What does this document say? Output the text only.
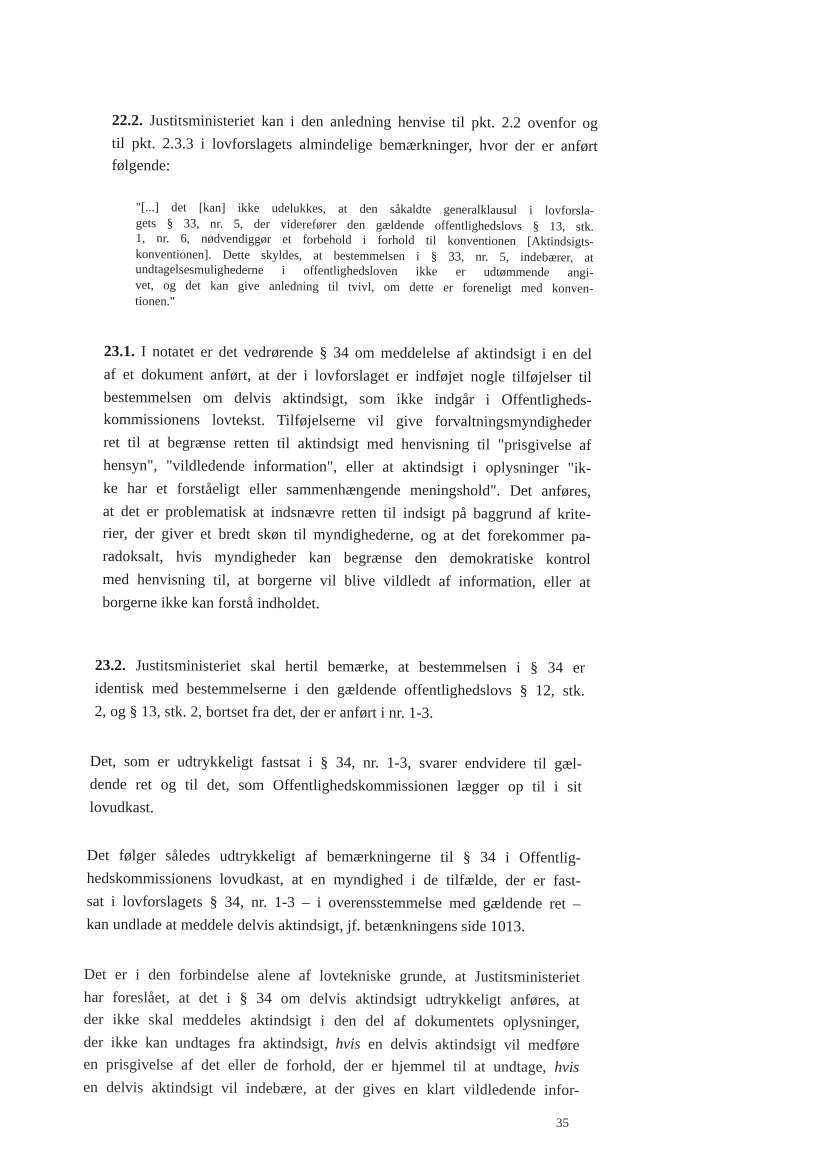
22.2. Justitsministeriet kan i den anledning henvise til pkt. 2.2 ovenfor og
til pkt. 2.3.3 i lovforslagets almindelige bemærkninger, hvor der er anført
følgende:
"[...] det [kan] ikke udelukkes, at den såkaldte generalklausul i lovforsla-
gets § 33, nr. 5, der viderefører den gældende offentlighedslovs § 13, stk.
1, nr. 6, nødvendiggør et forbehold i forhold til konventionen [Aktindsigts-
konventionen]. Dette skyldes, at bestemmelsen i § 33, nr. 5, indebærer, at
undtagelsesmulighederne i offentlighedsloven ikke er udtømmende angi-
vet, og det kan give anledning til tvivl, om dette er foreneligt med konven-
tionen."
23.1. I notatet er det vedrørende § 34 om meddelelse af aktindsigt i en del
af et dokument anført, at der i lovforslaget er indføjet nogle tilføjelser til
bestemmelsen om delvis aktindsigt, som ikke indgår i Offentligheds-
kommissionens lovtekst. Tilføjelserne vil give forvaltningsmyndigheder
ret til at begrænse retten til aktindsigt med henvisning til "prisgivelse af
hensyn", "vildledende information", eller at aktindsigt i oplysninger "ik-
ke har et forståeligt eller sammenhængende meningshold". Det anføres,
at det er problematisk at indsnævre retten til indsigt på baggrund af krite-
rier, der giver et bredt skøn til myndighederne, og at det forekommer pa-
radoksalt, hvis myndigheder kan begrænse den demokratiske kontrol
med henvisning til, at borgerne vil blive vildledt af information, eller at
borgerne ikke kan forstå indholdet.
23.2. Justitsministeriet skal hertil bemærke, at bestemmelsen i § 34 er
identisk med bestemmelserne i den gældende offentlighedslovs § 12, stk.
2, og § 13, stk. 2, bortset fra det, der er anført i nr. 1-3.
Det, som er udtrykkeligt fastsat i § 34, nr. 1-3, svarer endvidere til gæl-
dende ret og til det, som Offentlighedskommissionen lægger op til i sit
lovudkast.
Det følger således udtrykkeligt af bemærkningerne til § 34 i Offentlig-
hedskommissionens lovudkast, at en myndighed i de tilfælde, der er fast-
sat i lovforslagets § 34, nr. 1-3 – i overensstemmelse med gældende ret –
kan undlade at meddele delvis aktindsigt, jf. betænkningens side 1013.
Det er i den forbindelse alene af lovtekniske grunde, at Justitsministeriet
har foreslået, at det i § 34 om delvis aktindsigt udtrykkeligt anføres, at
der ikke skal meddeles aktindsigt i den del af dokumentets oplysninger,
der ikke kan undtages fra aktindsigt, hvis en delvis aktindsigt vil medføre
en prisgivelse af det eller de forhold, der er hjemmel til at undtage, hvis
en delvis aktindsigt vil indebære, at der gives en klart vildledende infor-
35
